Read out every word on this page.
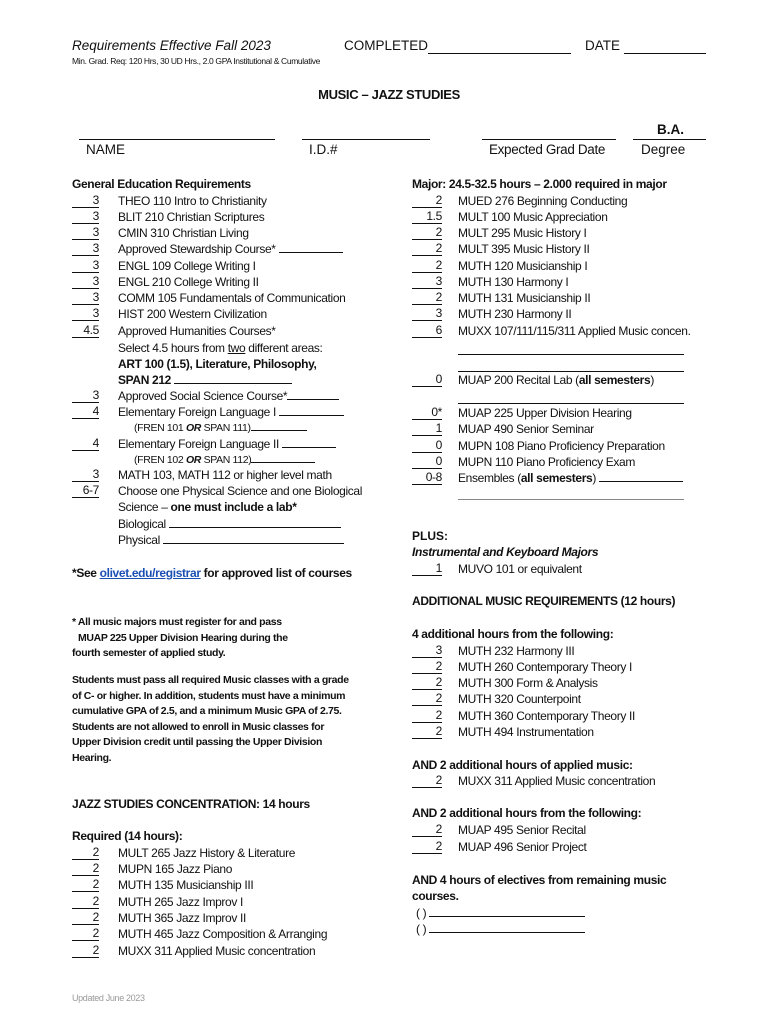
Requirements Effective Fall 2023	COMPLETED	DATE
Min. Grad. Req: 120 Hrs, 30 UD Hrs., 2.0 GPA Institutional & Cumulative
MUSIC – JAZZ STUDIES
NAME	I.D.#	Expected Grad Date
B.A.
Degree
General Education Requirements
3 THEO 110 Intro to Christianity
3 BLIT 210 Christian Scriptures
3 CMIN 310 Christian Living
3 Approved Stewardship Course*
3 ENGL 109 College Writing I
3 ENGL 210 College Writing II
3 COMM 105 Fundamentals of Communication
3 HIST 200 Western Civilization
4.5 Approved Humanities Courses*
Select 4.5 hours from two different areas:
ART 100 (1.5), Literature, Philosophy,
SPAN 212
3 Approved Social Science Course*
4 Elementary Foreign Language I
(FREN 101 OR SPAN 111)
4 Elementary Foreign Language II
(FREN 102 OR SPAN 112)
3 MATH 103, MATH 112 or higher level math
6-7 Choose one Physical Science and one Biological
Science – one must include a lab*
Biological
Physical
*See olivet.edu/registrar for approved list of courses
* All music majors must register for and pass
MUAP 225 Upper Division Hearing during the
fourth semester of applied study.
Students must pass all required Music classes with a grade
of C- or higher. In addition, students must have a minimum
cumulative GPA of 2.5, and a minimum Music GPA of 2.75.
Students are not allowed to enroll in Music classes for
Upper Division credit until passing the Upper Division
Hearing.
JAZZ STUDIES CONCENTRATION: 14 hours
Required (14 hours):
2 MULT 265 Jazz History & Literature
2 MUPN 165 Jazz Piano
2 MUTH 135 Musicianship III
2 MUTH 265 Jazz Improv I
2 MUTH 365 Jazz Improv II
2 MUTH 465 Jazz Composition & Arranging
2 MUXX 311 Applied Music concentration
Updated June 2023
Major: 24.5-32.5 hours – 2.000 required in major
2 MUED 276 Beginning Conducting
1.5 MULT 100 Music Appreciation
2 MULT 295 Music History I
2 MULT 395 Music History II
2 MUTH 120 Musicianship I
3 MUTH 130 Harmony I
2 MUTH 131 Musicianship II
3 MUTH 230 Harmony II
6 MUXX 107/111/115/311 Applied Music concen.
0 MUAP 200 Recital Lab (all semesters)
0* MUAP 225 Upper Division Hearing
1 MUAP 490 Senior Seminar
0 MUPN 108 Piano Proficiency Preparation
0 MUPN 110 Piano Proficiency Exam
0-8 Ensembles (all semesters)
PLUS:
Instrumental and Keyboard Majors
1 MUVO 101 or equivalent
ADDITIONAL MUSIC REQUIREMENTS (12 hours)
4 additional hours from the following:
3 MUTH 232 Harmony III
2 MUTH 260 Contemporary Theory I
2 MUTH 300 Form & Analysis
2 MUTH 320 Counterpoint
2 MUTH 360 Contemporary Theory II
2 MUTH 494 Instrumentation
AND 2 additional hours of applied music:
2 MUXX 311 Applied Music concentration
AND 2 additional hours from the following:
2 MUAP 495 Senior Recital
2 MUAP 496 Senior Project
AND 4 hours of electives from remaining music
courses.
( )
( )
